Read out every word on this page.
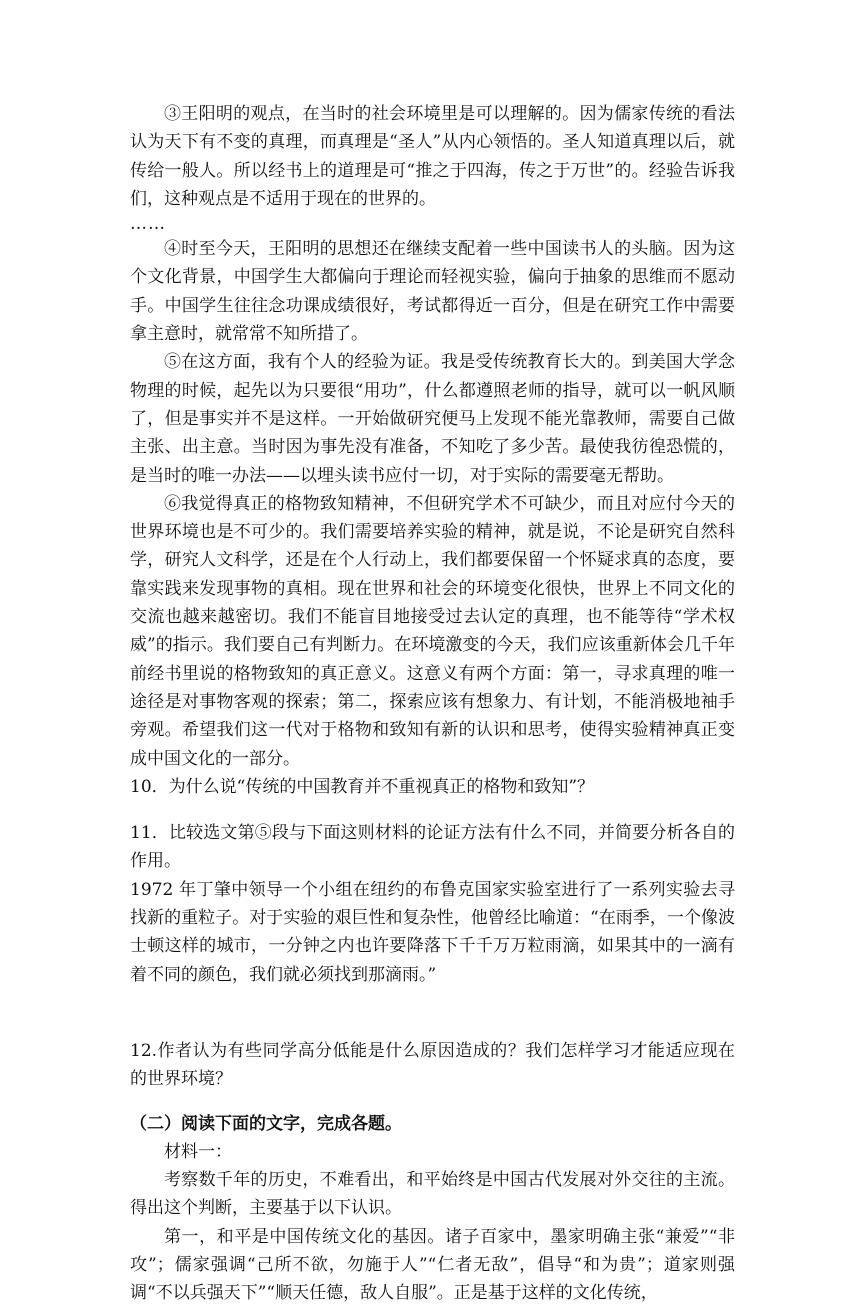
③王阳明的观点，在当时的社会环境里是可以理解的。因为儒家传统的看法认为天下有不变的真理，而真理是“圣人”从内心领悟的。圣人知道真理以后，就传给一般人。所以经书上的道理是可“推之于四海，传之于万世”的。经验告诉我们，这种观点是不适用于现在的世界的。

……

④时至今天，王阳明的思想还在继续支配着一些中国读书人的头脑。因为这个文化背景，中国学生大都偏向于理论而轻视实验，偏向于抽象的思维而不愿动手。中国学生往往念功课成绩很好，考试都得近一百分，但是在研究工作中需要拿主意时，就常常不知所措了。

⑤在这方面，我有个人的经验为证。我是受传统教育长大的。到美国大学念物理的时候，起先以为只要很“用功”，什么都遵照老师的指导，就可以一帆风顺了，但是事实并不是这样。一开始做研究便马上发现不能光靠教师，需要自己做主张、出主意。当时因为事先没有准备，不知吃了多少苦。最使我彷徨恐慌的，是当时的唯一办法——以埋头读书应付一切，对于实际的需要毫无帮助。

⑥我觉得真正的格物致知精神，不但研究学术不可缺少，而且对应付今天的世界环境也是不可少的。我们需要培养实验的精神，就是说，不论是研究自然科学，研究人文科学，还是在个人行动上，我们都要保留一个怀疑求真的态度，要靠实践来发现事物的真相。现在世界和社会的环境变化很快，世界上不同文化的交流也越来越密切。我们不能盲目地接受过去认定的真理，也不能等待“学术权威”的指示。我们要自己有判断力。在环境激变的今天，我们应该重新体会几千年前经书里说的格物致知的真正意义。这意义有两个方面：第一，寻求真理的唯一途径是对事物客观的探索；第二，探索应该有想象力、有计划，不能消极地袖手旁观。希望我们这一代对于格物和致知有新的认识和思考，使得实验精神真正变成中国文化的一部分。

10．为什么说“传统的中国教育并不重视真正的格物和致知”？

11．比较选文第⑤段与下面这则材料的论证方法有什么不同，并简要分析各自的作用。

1972 年丁肇中领导一个小组在纽约的布鲁克国家实验室进行了一系列实验去寻找新的重粒子。对于实验的艰巨性和复杂性，他曾经比喻道：“在雨季，一个像波士顿这样的城市，一分钟之内也许要降落下千千万万粒雨滴，如果其中的一滴有着不同的颜色，我们就必须找到那滴雨。”

12.作者认为有些同学高分低能是什么原因造成的？我们怎样学习才能适应现在的世界环境？

（二）阅读下面的文字，完成各题。

材料一：

考察数千年的历史，不难看出，和平始终是中国古代发展对外交往的主流。得出这个判断，主要基于以下认识。

第一，和平是中国传统文化的基因。诸子百家中，墨家明确主张“兼爱”“非攻”；儒家强调“己所不欲，勿施于人”“仁者无敌”，倡导“和为贵”；道家则强调“不以兵强天下”“顺天任德，敌人自服”。正是基于这样的文化传统，
